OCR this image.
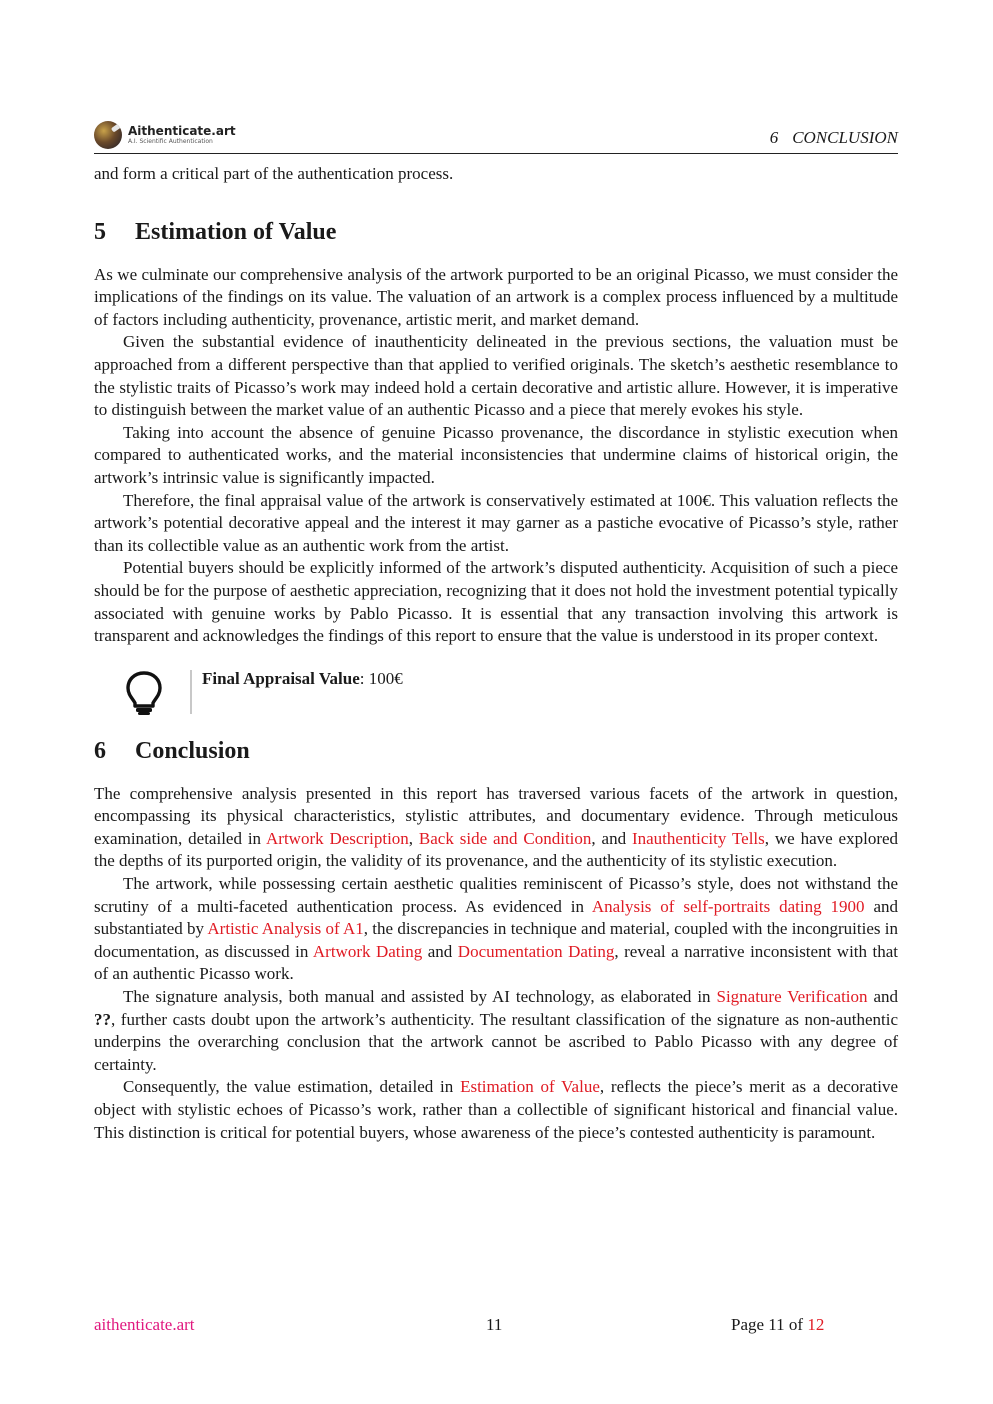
Aithenticate.art
A.I. Scientific Authentication	6 CONCLUSION

and form a critical part of the authentication process.

5 Estimation of Value

As we culminate our comprehensive analysis of the artwork purported to be an original Picasso, we must consider the implications of the findings on its value. The valuation of an artwork is a complex process influenced by a multitude of factors including authenticity, provenance, artistic merit, and market demand.

Given the substantial evidence of inauthenticity delineated in the previous sections, the valuation must be approached from a different perspective than that applied to verified originals. The sketch’s aesthetic resemblance to the stylistic traits of Picasso’s work may indeed hold a certain decorative and artistic allure. However, it is imperative to distinguish between the market value of an authentic Picasso and a piece that merely evokes his style.

Taking into account the absence of genuine Picasso provenance, the discordance in stylistic execution when compared to authenticated works, and the material inconsistencies that undermine claims of historical origin, the artwork’s intrinsic value is significantly impacted.

Therefore, the final appraisal value of the artwork is conservatively estimated at 100€. This valuation reflects the artwork’s potential decorative appeal and the interest it may garner as a pastiche evocative of Picasso’s style, rather than its collectible value as an authentic work from the artist.

Potential buyers should be explicitly informed of the artwork’s disputed authenticity. Acquisition of such a piece should be for the purpose of aesthetic appreciation, recognizing that it does not hold the investment potential typically associated with genuine works by Pablo Picasso. It is essential that any transaction involving this artwork is transparent and acknowledges the findings of this report to ensure that the value is understood in its proper context.

Final Appraisal Value: 100€
6 Conclusion

The comprehensive analysis presented in this report has traversed various facets of the artwork in question, encompassing its physical characteristics, stylistic attributes, and documentary evidence. Through meticulous examination, detailed in Artwork Description, Back side and Condition, and Inauthenticity Tells, we have explored the depths of its purported origin, the validity of its provenance, and the authenticity of its stylistic execution.

The artwork, while possessing certain aesthetic qualities reminiscent of Picasso’s style, does not withstand the scrutiny of a multi-faceted authentication process. As evidenced in Analysis of self-portraits dating 1900 and substantiated by Artistic Analysis of A1, the discrepancies in technique and material, coupled with the incongruities in documentation, as discussed in Artwork Dating and Documentation Dating, reveal a narrative inconsistent with that of an authentic Picasso work.

The signature analysis, both manual and assisted by AI technology, as elaborated in Signature Verification and ??, further casts doubt upon the artwork’s authenticity. The resultant classification of the signature as non-authentic underpins the overarching conclusion that the artwork cannot be ascribed to Pablo Picasso with any degree of certainty.

Consequently, the value estimation, detailed in Estimation of Value, reflects the piece’s merit as a decorative object with stylistic echoes of Picasso’s work, rather than a collectible of significant historical and financial value. This distinction is critical for potential buyers, whose awareness of the piece’s contested authenticity is paramount.

aithenticate.art	11	Page 11 of 12
